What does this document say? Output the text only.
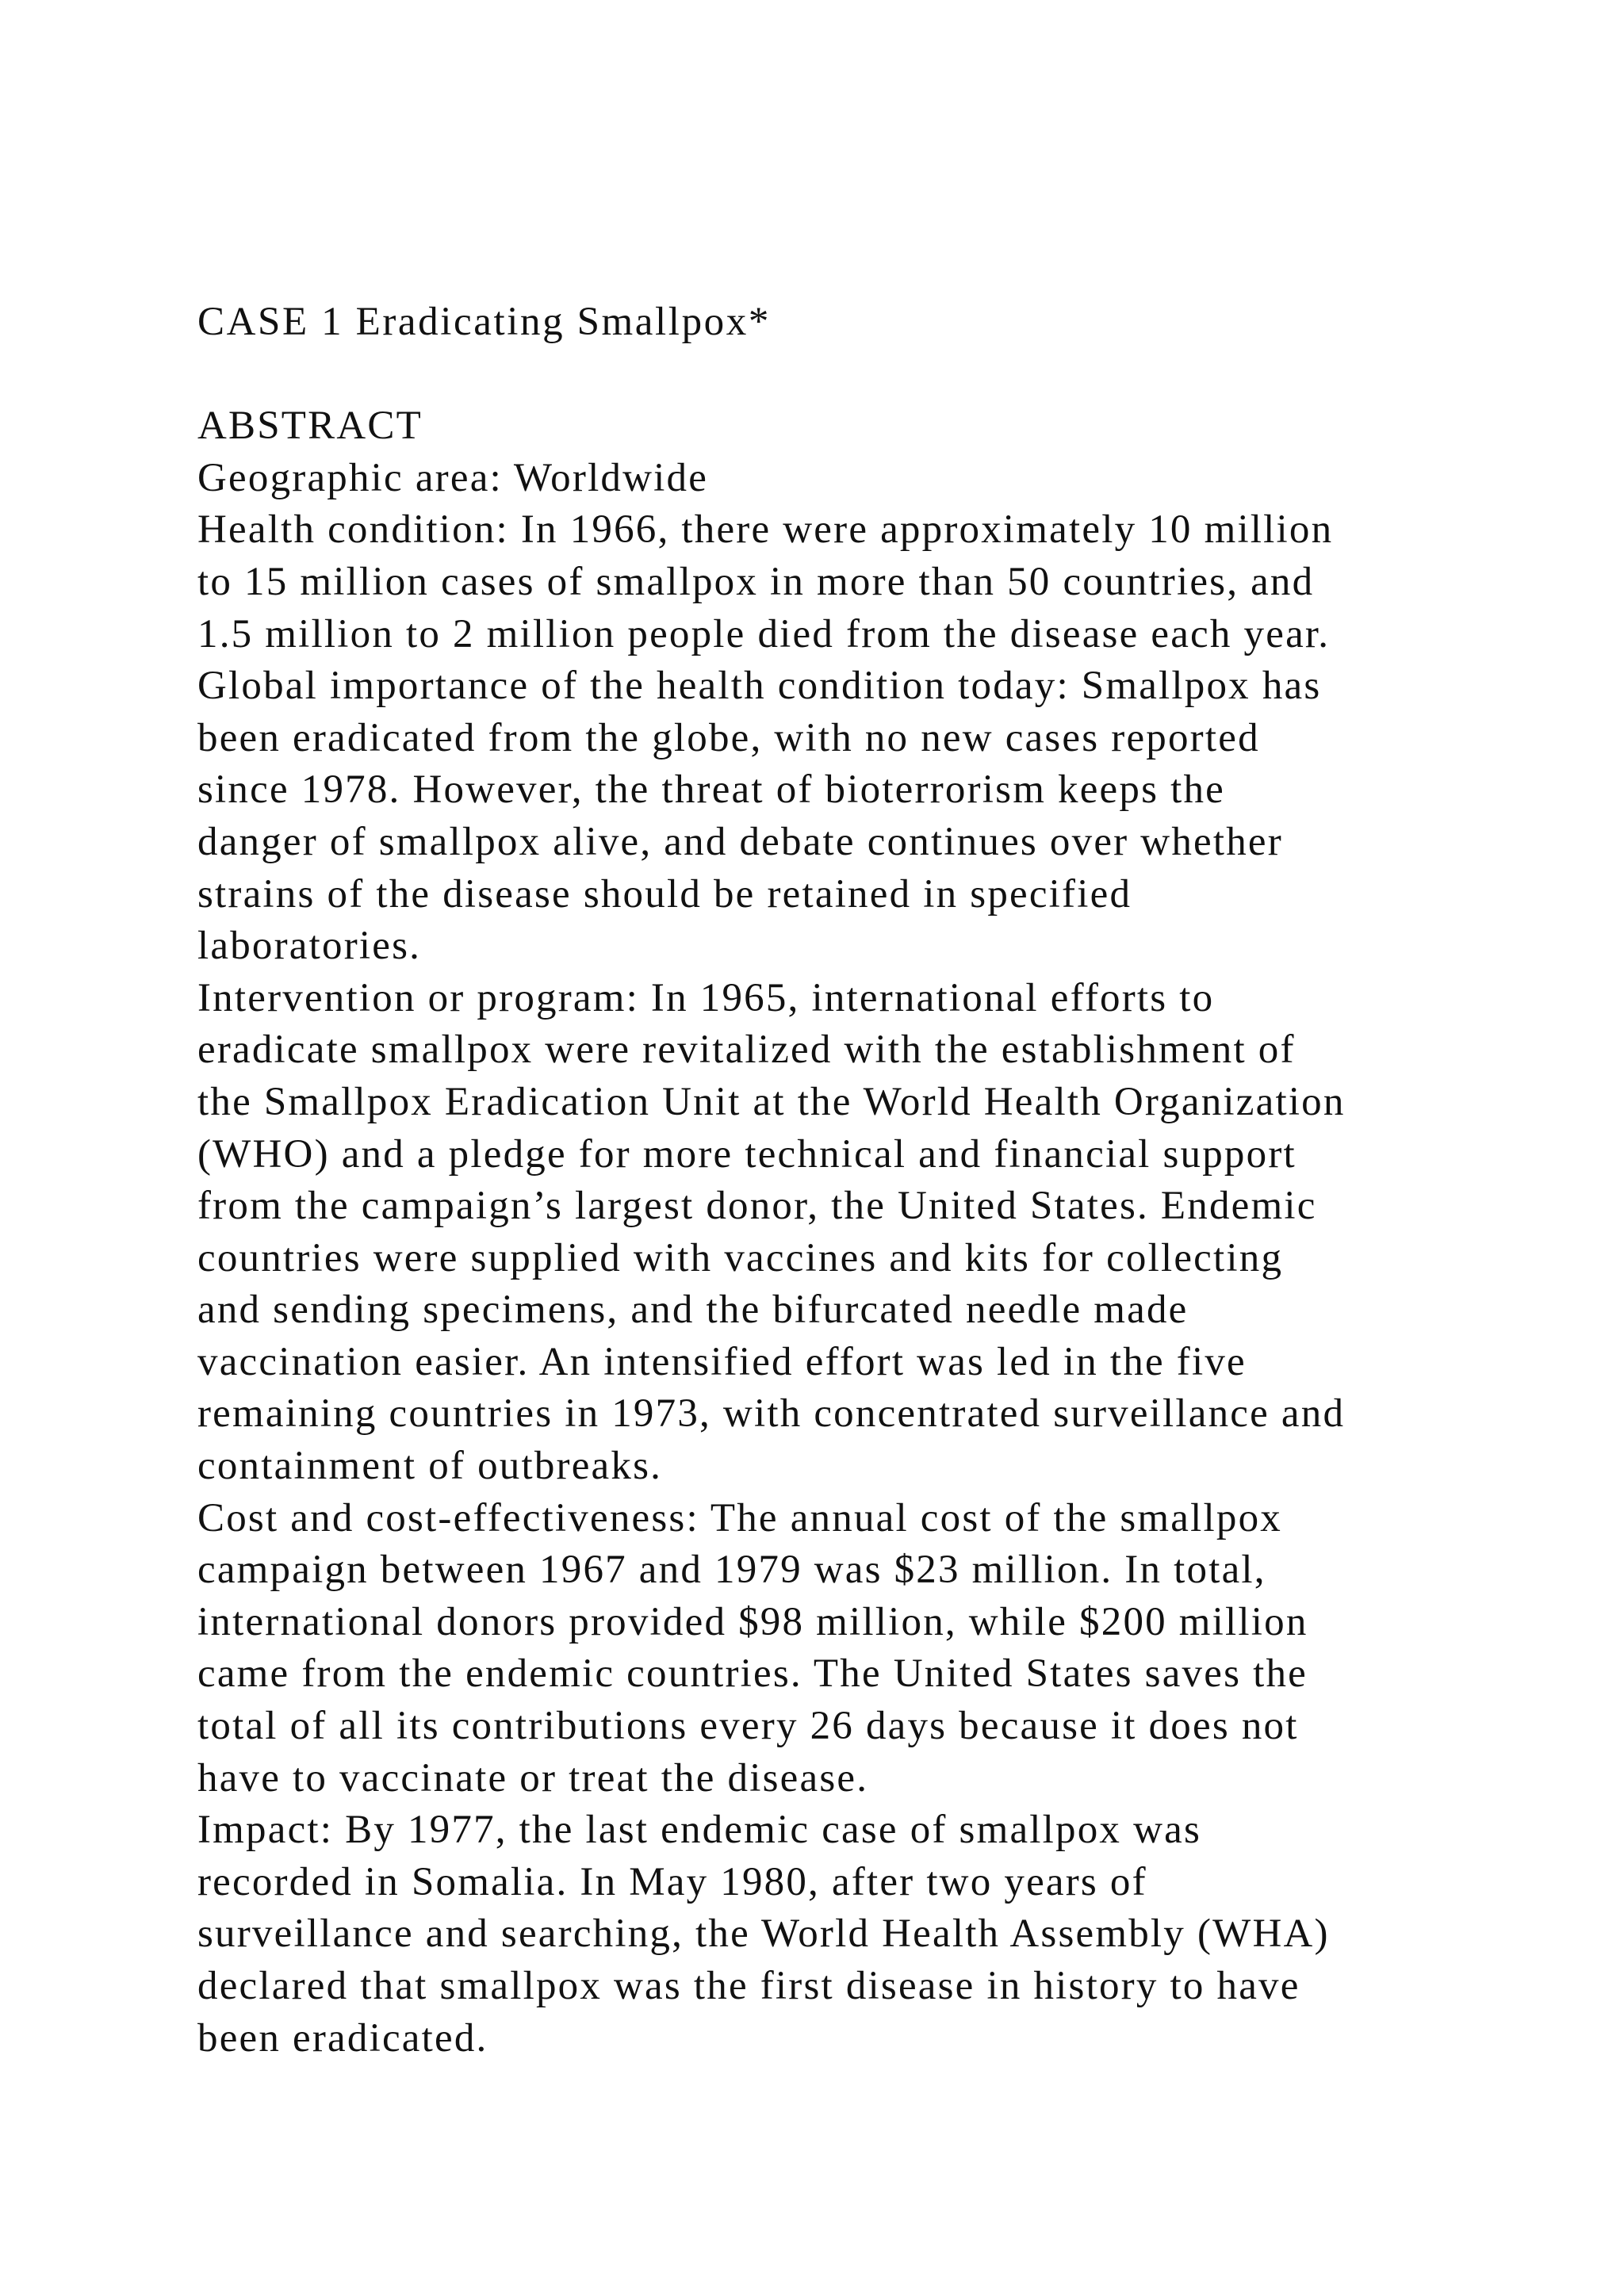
CASE 1 Eradicating Smallpox*
ABSTRACT
Geographic area: Worldwide
Health condition: In 1966, there were approximately 10 million
to 15 million cases of smallpox in more than 50 countries, and
1.5 million to 2 million people died from the disease each year.
Global importance of the health condition today: Smallpox has
been eradicated from the globe, with no new cases reported
since 1978. However, the threat of bioterrorism keeps the
danger of smallpox alive, and debate continues over whether
strains of the disease should be retained in specified
laboratories.
Intervention or program: In 1965, international efforts to
eradicate smallpox were revitalized with the establishment of
the Smallpox Eradication Unit at the World Health Organization
(WHO) and a pledge for more technical and financial support
from the campaign’s largest donor, the United States. Endemic
countries were supplied with vaccines and kits for collecting
and sending specimens, and the bifurcated needle made
vaccination easier. An intensified effort was led in the five
remaining countries in 1973, with concentrated surveillance and
containment of outbreaks.
Cost and cost-effectiveness: The annual cost of the smallpox
campaign between 1967 and 1979 was $23 million. In total,
international donors provided $98 million, while $200 million
came from the endemic countries. The United States saves the
total of all its contributions every 26 days because it does not
have to vaccinate or treat the disease.
Impact: By 1977, the last endemic case of smallpox was
recorded in Somalia. In May 1980, after two years of
surveillance and searching, the World Health Assembly (WHA)
declared that smallpox was the first disease in history to have
been eradicated.
